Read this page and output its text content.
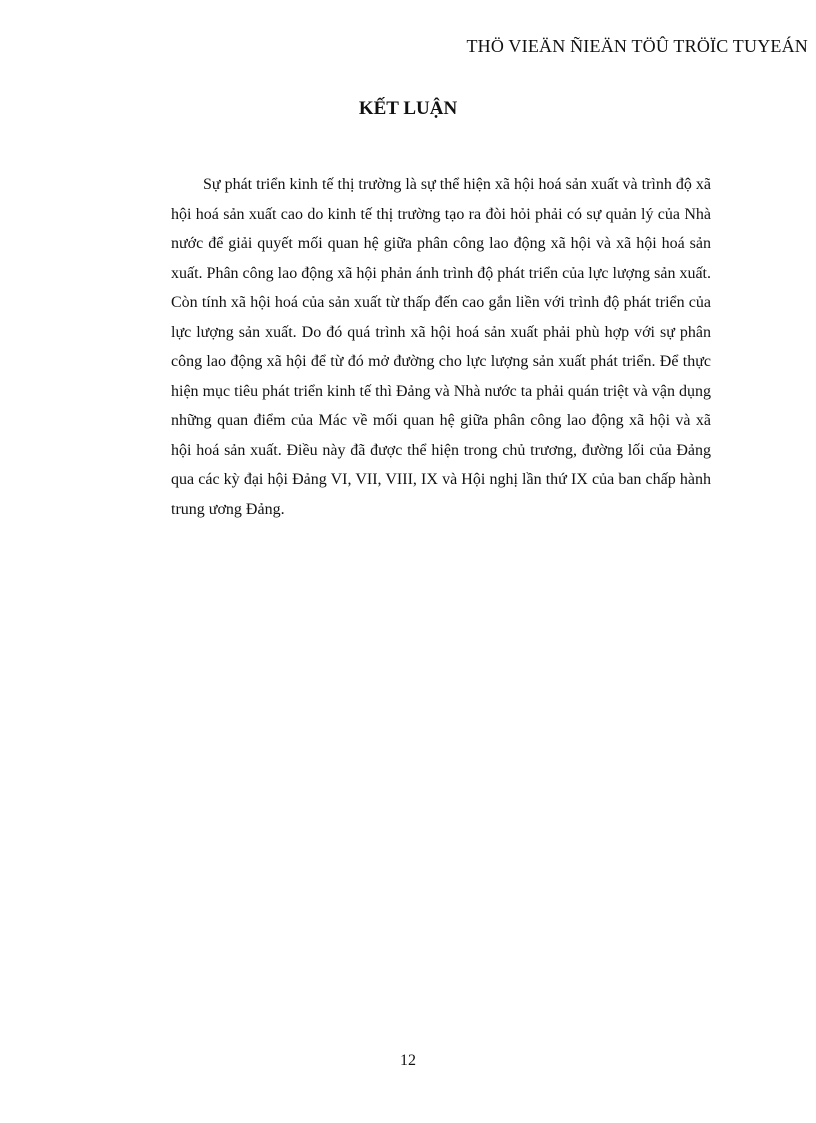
THÖ VIEÄN ÑIEÄN TÖÛ TRÖÏC TUYEÁN
KẾT LUẬN

Sự phát triển kinh tế thị trường là sự thể hiện xã hội hoá sản xuất và trình độ xã hội hoá sản xuất cao do kinh tế thị trường tạo ra đòi hỏi phải có sự quản lý của Nhà nước để giải quyết mối quan hệ giữa phân công lao động xã hội và xã hội hoá sản xuất. Phân công lao động xã hội phản ánh trình độ phát triển của lực lượng sản xuất. Còn tính xã hội hoá của sản xuất từ thấp đến cao gắn liền với trình độ phát triển của lực lượng sản xuất. Do đó quá trình xã hội hoá sản xuất phải phù hợp với sự phân công lao động xã hội để từ đó mở đường cho lực lượng sản xuất phát triển. Để thực hiện mục tiêu phát triển kinh tế thì Đảng và Nhà nước ta phải quán triệt và vận dụng những quan điểm của Mác về mối quan hệ giữa phân công lao động xã hội và xã hội hoá sản xuất. Điều này đã được thể hiện trong chủ trương, đường lối của Đảng qua các kỳ đại hội Đảng VI, VII, VIII, IX và Hội nghị lần thứ IX của ban chấp hành trung ương Đảng.

12
